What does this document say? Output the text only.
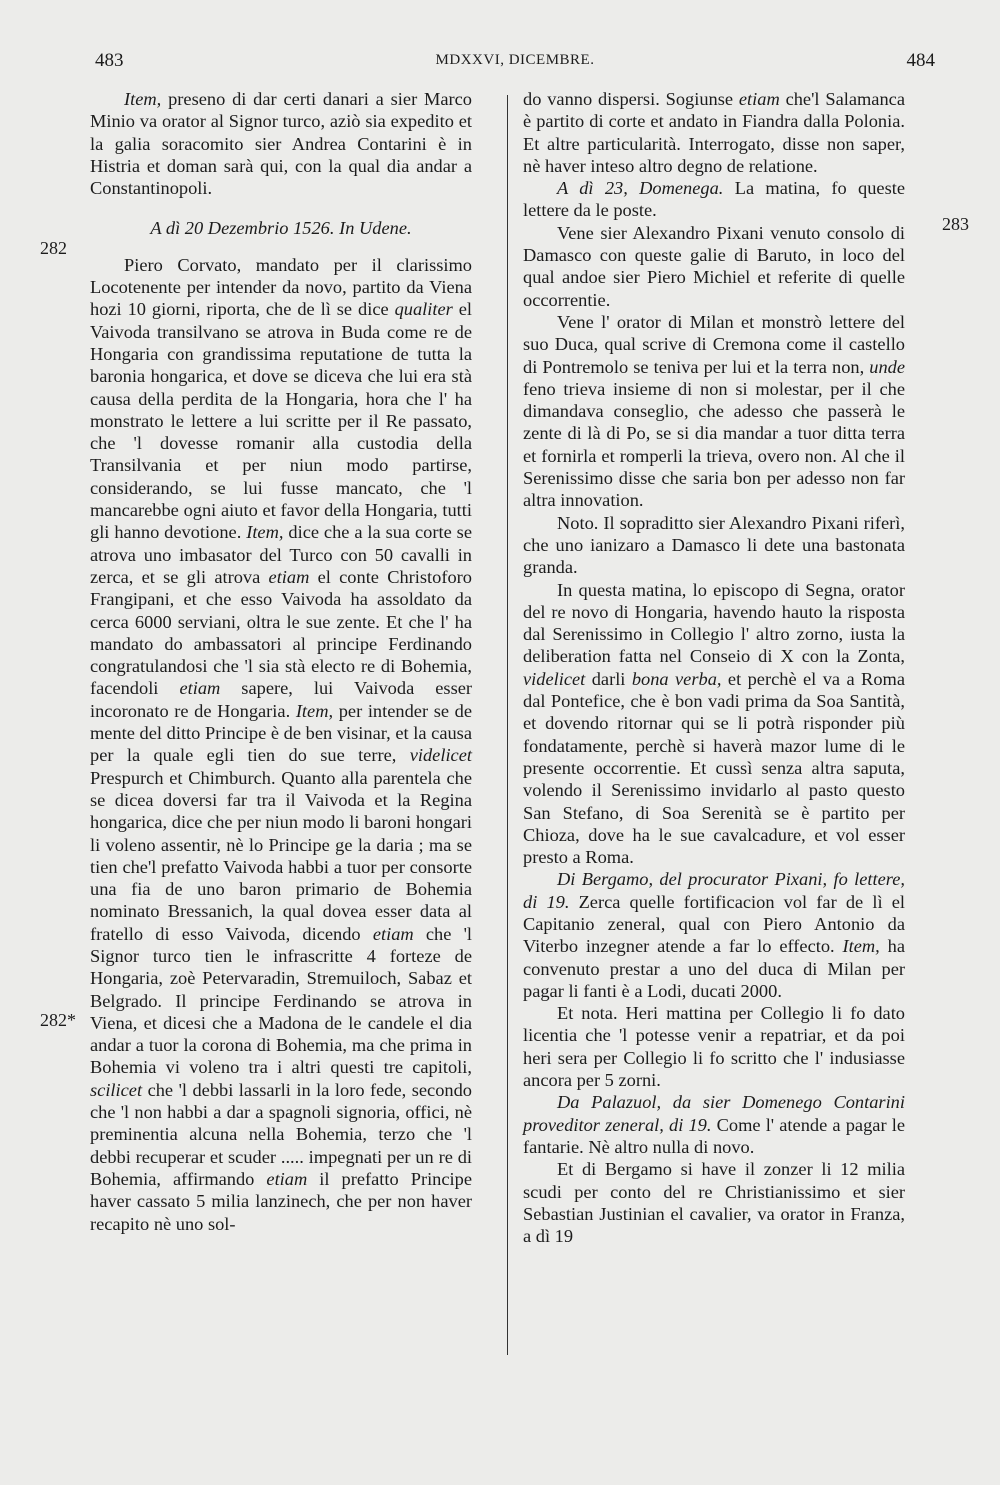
483	MDXXVI, DICEMBRE.	484
282
282*
283

Item, preseno di dar certi danari a sier Marco Minio va orator al Signor turco, aziò sia expedito et la galia soracomito sier Andrea Contarini è in Histria et doman sarà qui, con la qual dia andar a Constantinopoli.

A dì 20 Dezembrio 1526. In Udene.

Piero Corvato, mandato per il clarissimo Locotenente per intender da novo, partito da Viena hozi 10 giorni, riporta, che de lì se dice qualiter el Vaivoda transilvano se atrova in Buda come re de Hongaria con grandissima reputatione de tutta la baronia hongarica, et dove se diceva che lui era stà causa della perdita de la Hongaria, hora che l' ha monstrato le lettere a lui scritte per il Re passato, che 'l dovesse romanir alla custodia della Transilvania et per niun modo partirse, considerando, se lui fusse mancato, che 'l mancarebbe ogni aiuto et favor della Hongaria, tutti gli hanno devotione. Item, dice che a la sua corte se atrova uno imbasator del Turco con 50 cavalli in zerca, et se gli atrova etiam el conte Christoforo Frangipani, et che esso Vaivoda ha assoldato da cerca 6000 serviani, oltra le sue zente. Et che l' ha mandato do ambassatori al principe Ferdinando congratulandosi che 'l sia stà electo re di Bohemia, facendoli etiam sapere, lui Vaivoda esser incoronato re de Hongaria. Item, per intender se de mente del ditto Principe è de ben visinar, et la causa per la quale egli tien do sue terre, videlicet Prespurch et Chimburch. Quanto alla parentela che se dicea doversi far tra il Vaivoda et la Regina hongarica, dice che per niun modo li baroni hongari li voleno assentir, nè lo Principe ge la daria ; ma se tien che'l prefatto Vaivoda habbi a tuor per consorte una fia de uno baron primario de Bohemia nominato Bressanich, la qual dovea esser data al fratello di esso Vaivoda, dicendo etiam che 'l Signor turco tien le infrascritte 4 forteze de Hongaria, zoè Petervaradin, Stremuiloch, Sabaz et Belgrado. Il principe Ferdinando se atrova in Viena, et dicesi che a Madona de le candele el dia andar a tuor la corona di Bohemia, ma che prima in Bohemia vi voleno tra i altri questi tre capitoli, scilicet che 'l debbi lassarli in la loro fede, secondo che 'l non habbi a dar a spagnoli signoria, offici, nè preminentia alcuna nella Bohemia, terzo che 'l debbi recuperar et scuder ..... impegnati per un re di Bohemia, affirmando etiam il prefatto Principe haver cassato 5 milia lanzinech, che per non haver recapito nè uno sol-

do vanno dispersi. Sogiunse etiam che'l Salamanca è partito di corte et andato in Fiandra dalla Polonia. Et altre particularità. Interrogato, disse non saper, nè haver inteso altro degno de relatione.

A dì 23, Domenega. La matina, fo queste lettere da le poste.

Vene sier Alexandro Pixani venuto consolo di Damasco con queste galie di Baruto, in loco del qual andoe sier Piero Michiel et referite di quelle occorrentie.

Vene l' orator di Milan et monstrò lettere del suo Duca, qual scrive di Cremona come il castello di Pontremolo se teniva per lui et la terra non, unde feno trieva insieme di non si molestar, per il che dimandava conseglio, che adesso che passerà le zente di là di Po, se si dia mandar a tuor ditta terra et fornirla et romperli la trieva, overo non. Al che il Serenissimo disse che saria bon per adesso non far altra innovation.

Noto. Il sopraditto sier Alexandro Pixani riferì, che uno ianizaro a Damasco li dete una bastonata granda.

In questa matina, lo episcopo di Segna, orator del re novo di Hongaria, havendo hauto la risposta dal Serenissimo in Collegio l' altro zorno, iusta la deliberation fatta nel Conseio di X con la Zonta, videlicet darli bona verba, et perchè el va a Roma dal Pontefice, che è bon vadi prima da Soa Santità, et dovendo ritornar qui se li potrà risponder più fondatamente, perchè si haverà mazor lume di le presente occorrentie. Et cussì senza altra saputa, volendo il Serenissimo invidarlo al pasto questo San Stefano, di Soa Serenità se è partito per Chioza, dove ha le sue cavalcadure, et vol esser presto a Roma.

Di Bergamo, del procurator Pixani, fo lettere, di 19. Zerca quelle fortificacion vol far de lì el Capitanio zeneral, qual con Piero Antonio da Viterbo inzegner atende a far lo effecto. Item, ha convenuto prestar a uno del duca di Milan per pagar li fanti è a Lodi, ducati 2000.

Et nota. Heri mattina per Collegio li fo dato licentia che 'l potesse venir a repatriar, et da poi heri sera per Collegio li fo scritto che l' indusiasse ancora per 5 zorni.

Da Palazuol, da sier Domenego Contarini proveditor zeneral, di 19. Come l' atende a pagar le fantarie. Nè altro nulla di novo.

Et di Bergamo si have il zonzer li 12 milia scudi per conto del re Christianissimo et sier Sebastian Justinian el cavalier, va orator in Franza, a dì 19
